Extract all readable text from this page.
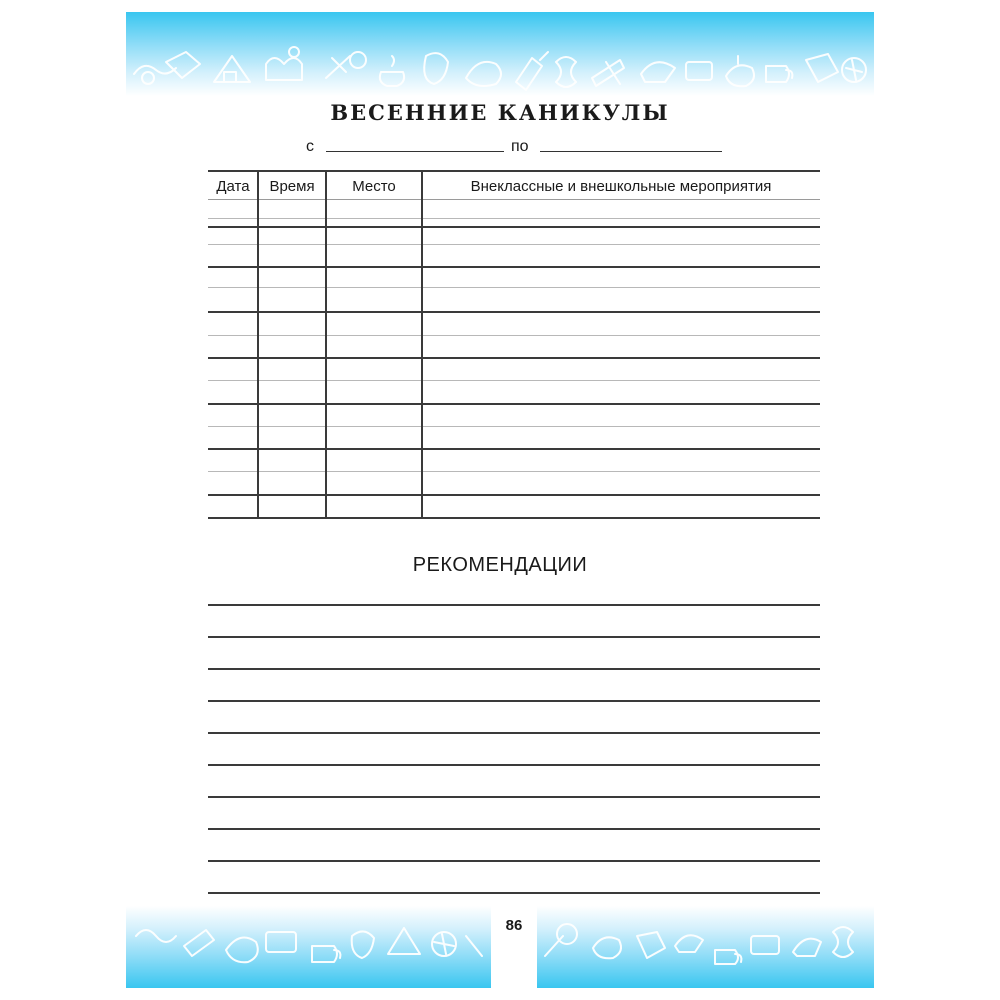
ВЕСЕННИЕ КАНИКУЛЫ
с	по
Дата	Время	Место	Внеклассные и внешкольные мероприятия
РЕКОМЕНДАЦИИ
86
